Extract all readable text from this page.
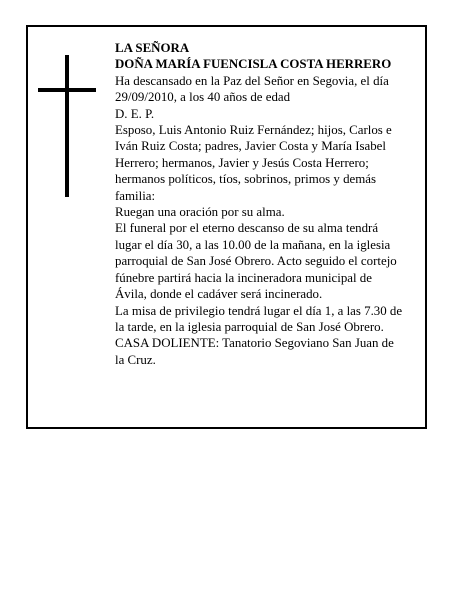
LA SEÑORA
DOÑA MARÍA FUENCISLA COSTA HERRERO
Ha descansado en la Paz del Señor en Segovia, el día
29/09/2010, a los 40 años de edad
D. E. P.
Esposo, Luis Antonio Ruiz Fernández; hijos, Carlos e
Iván Ruiz Costa; padres, Javier Costa y María Isabel
Herrero; hermanos, Javier y Jesús Costa Herrero;
hermanos políticos, tíos, sobrinos, primos y demás
familia:
Ruegan una oración por su alma.
El funeral por el eterno descanso de su alma tendrá
lugar el día 30, a las 10.00 de la mañana, en la iglesia
parroquial de San José Obrero. Acto seguido el cortejo
fúnebre partirá hacia la incineradora municipal de
Ávila, donde el cadáver será incinerado.
La misa de privilegio tendrá lugar el día 1, a las 7.30 de
la tarde, en la iglesia parroquial de San José Obrero.
CASA DOLIENTE: Tanatorio Segoviano San Juan de
la Cruz.
